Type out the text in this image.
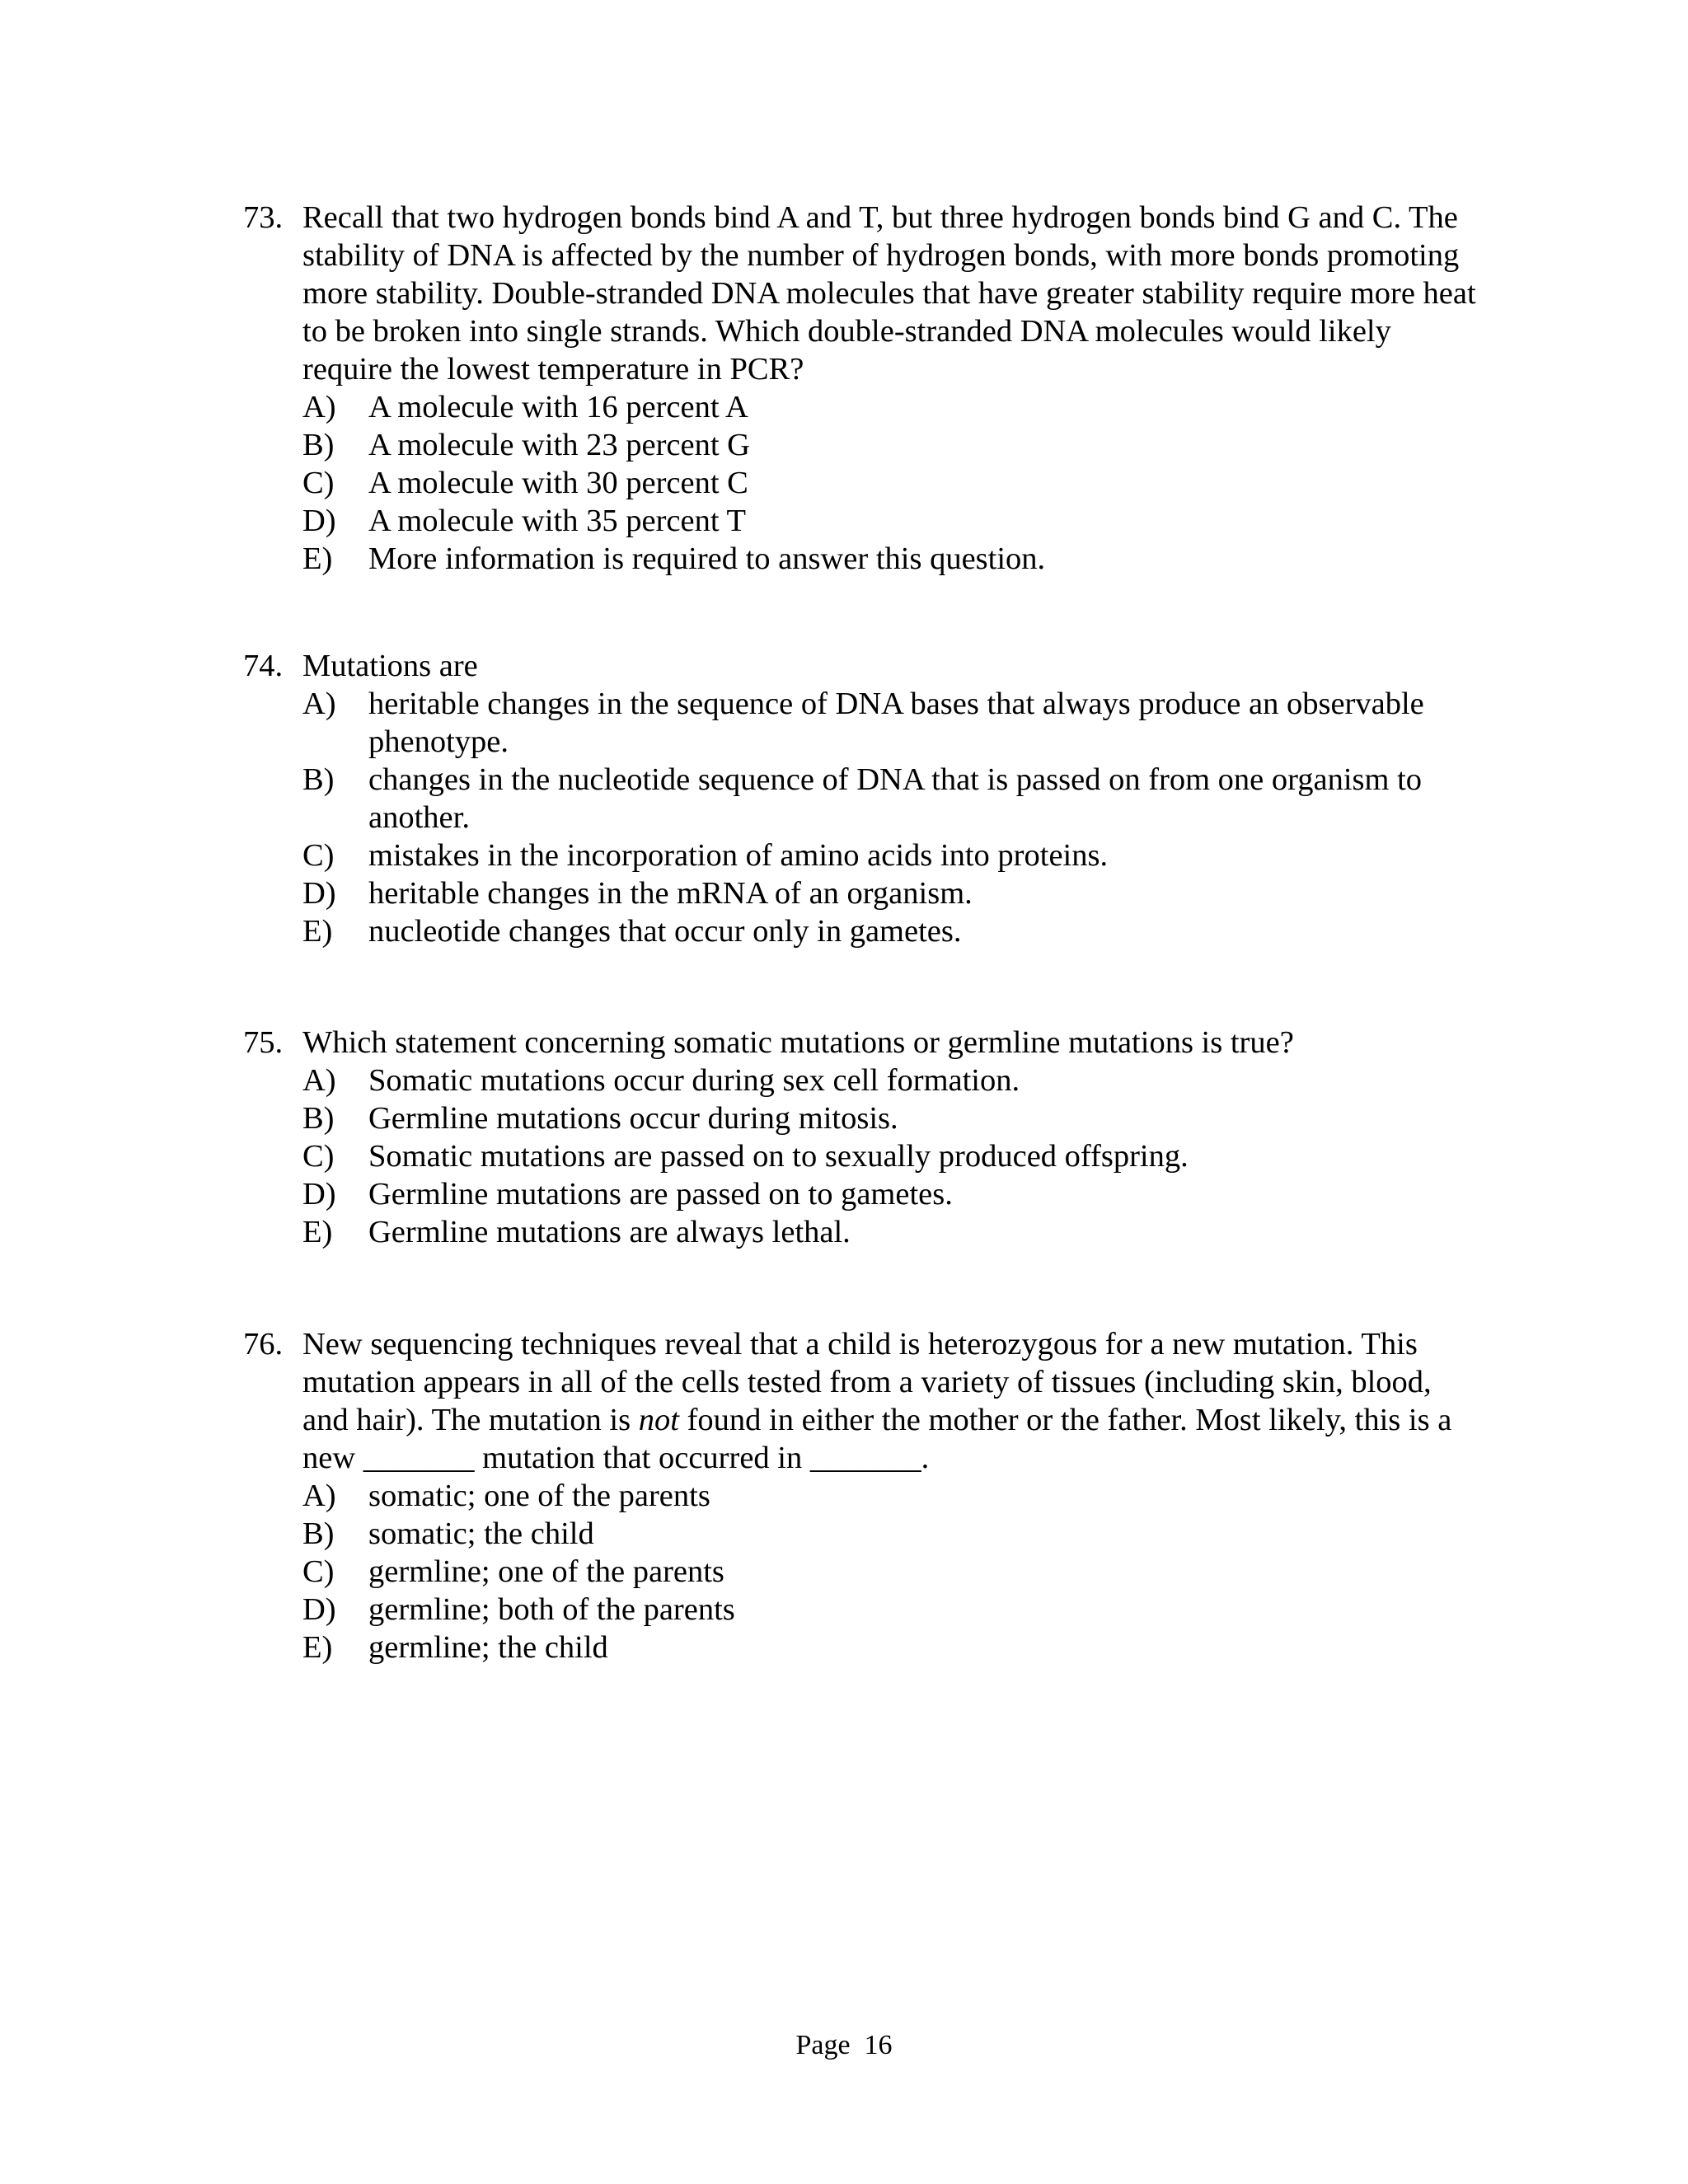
73. Recall that two hydrogen bonds bind A and T, but three hydrogen bonds bind G and C. The stability of DNA is affected by the number of hydrogen bonds, with more bonds promoting more stability. Double-stranded DNA molecules that have greater stability require more heat to be broken into single strands. Which double-stranded DNA molecules would likely require the lowest temperature in PCR?
A) A molecule with 16 percent A
B) A molecule with 23 percent G
C) A molecule with 30 percent C
D) A molecule with 35 percent T
E) More information is required to answer this question.
74. Mutations are
A) heritable changes in the sequence of DNA bases that always produce an observable phenotype.
B) changes in the nucleotide sequence of DNA that is passed on from one organism to another.
C) mistakes in the incorporation of amino acids into proteins.
D) heritable changes in the mRNA of an organism.
E) nucleotide changes that occur only in gametes.
75. Which statement concerning somatic mutations or germline mutations is true?
A) Somatic mutations occur during sex cell formation.
B) Germline mutations occur during mitosis.
C) Somatic mutations are passed on to sexually produced offspring.
D) Germline mutations are passed on to gametes.
E) Germline mutations are always lethal.
76. New sequencing techniques reveal that a child is heterozygous for a new mutation. This mutation appears in all of the cells tested from a variety of tissues (including skin, blood, and hair). The mutation is not found in either the mother or the father. Most likely, this is a new _______ mutation that occurred in _______.
A) somatic; one of the parents
B) somatic; the child
C) germline; one of the parents
D) germline; both of the parents
E) germline; the child
Page  16
